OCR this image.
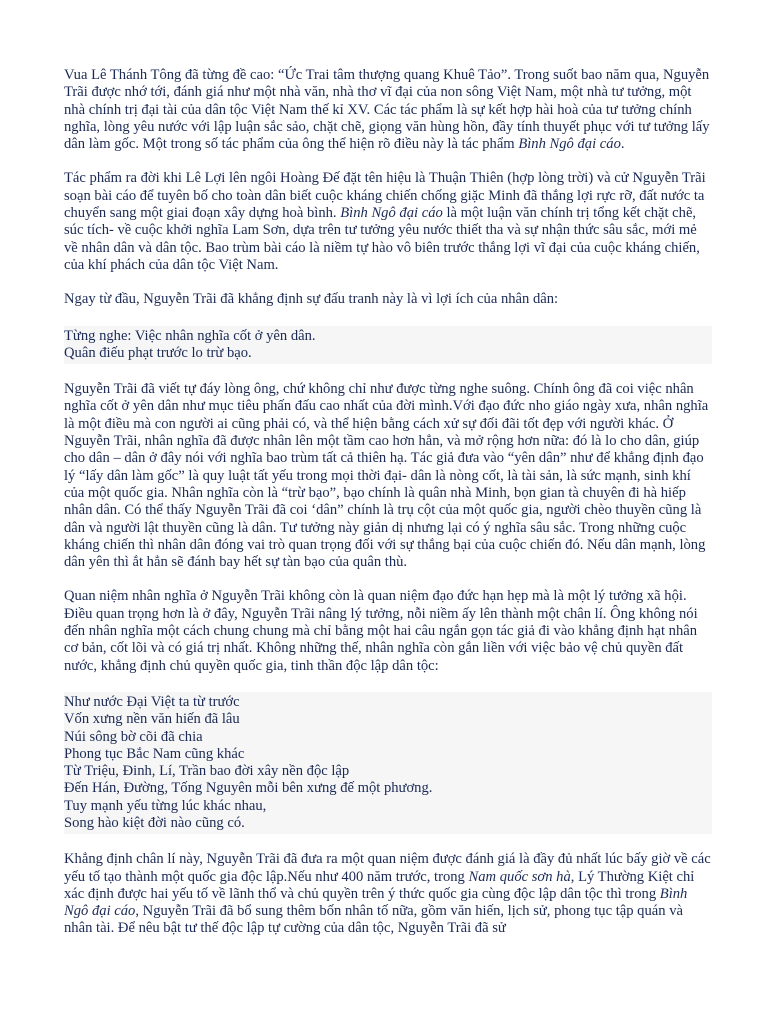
Vua Lê Thánh Tông đã từng đề cao: “Ức Trai tâm thượng quang Khuê Tảo”. Trong suốt bao năm qua, Nguyễn Trãi được nhớ tới, đánh giá như một nhà văn, nhà thơ vĩ đại của non sông Việt Nam, một nhà tư tưởng, một nhà chính trị đại tài của dân tộc Việt Nam thế kỉ XV. Các tác phẩm là sự kết hợp hài hoà của tư tưởng chính nghĩa, lòng yêu nước với lập luận sắc sảo, chặt chẽ, giọng văn hùng hồn, đầy tính thuyết phục với tư tưởng lấy dân làm gốc. Một trong số tác phẩm của ông thể hiện rõ điều này là tác phẩm Bình Ngô đại cáo.

Tác phẩm ra đời khi Lê Lợi lên ngôi Hoàng Đế đặt tên hiệu là Thuận Thiên (hợp lòng trời) và cử Nguyễn Trãi soạn bài cáo để tuyên bố cho toàn dân biết cuộc kháng chiến chống giặc Minh đã thắng lợi rực rỡ, đất nước ta chuyển sang một giai đoạn xây dựng hoà bình. Bình Ngô đại cáo là một luận văn chính trị tổng kết chặt chẽ, súc tích- về cuộc khởi nghĩa Lam Sơn, dựa trên tư tưởng yêu nước thiết tha và sự nhận thức sâu sắc, mới mẻ về nhân dân và dân tộc. Bao trùm bài cáo là niềm tự hào vô biên trước thắng lợi vĩ đại của cuộc kháng chiến, của khí phách của dân tộc Việt Nam.

Ngay từ đầu, Nguyễn Trãi đã khẳng định sự đấu tranh này là vì lợi ích của nhân dân:

Từng nghe: Việc nhân nghĩa cốt ở yên dân.

Quân điếu phạt trước lo trừ bạo.

Nguyễn Trãi đã viết tự đáy lòng ông, chứ không chỉ như được từng nghe suông. Chính ông đã coi việc nhân nghĩa cốt ở yên dân như mục tiêu phấn đấu cao nhất của đời mình.Với đạo đức nho giáo ngày xưa, nhân nghĩa là một điều mà con người ai cũng phải có, và thể hiện bằng cách xử sự đối đãi tốt đẹp với người khác. Ở Nguyễn Trãi, nhân nghĩa đã được nhân lên một tầm cao hơn hẳn, và mở rộng hơn nữa: đó là lo cho dân, giúp cho dân – dân ở đây nói với nghĩa bao trùm tất cả thiên hạ. Tác giả đưa vào “yên dân” như để khẳng định đạo lý “lấy dân làm gốc” là quy luật tất yếu trong mọi thời đại- dân là nòng cốt, là tài sản, là sức mạnh, sinh khí của một quốc gia. Nhân nghĩa còn là “trừ bạo”, bạo chính là quân nhà Minh, bọn gian tà chuyên đi hà hiếp nhân dân. Có thể thấy Nguyễn Trãi đã coi ‘dân” chính là trụ cột của một quốc gia, người chèo thuyền cũng là dân và người lật thuyền cũng là dân. Tư tưởng này giản dị nhưng lại có ý nghĩa sâu sắc. Trong những cuộc kháng chiến thì nhân dân đóng vai trò quan trọng đối với sự thắng bại của cuộc chiến đó. Nếu dân mạnh, lòng dân yên thì ắt hẳn sẽ đánh bay hết sự tàn bạo của quân thù.

Quan niệm nhân nghĩa ở Nguyễn Trãi không còn là quan niệm đạo đức hạn hẹp mà là một lý tưởng xã hội. Điều quan trọng hơn là ở đây, Nguyễn Trãi nâng lý tưởng, nỗi niềm ấy lên thành một chân lí. Ông không nói đến nhân nghĩa một cách chung chung mà chỉ bằng một hai câu ngắn gọn tác giả đi vào khẳng định hạt nhân cơ bản, cốt lõi và có giá trị nhất. Không những thế, nhân nghĩa còn gắn liền với việc bảo vệ chủ quyền đất nước, khẳng định chủ quyền quốc gia, tinh thần độc lập dân tộc:

Như nước Đại Việt ta từ trước

Vốn xưng nền văn hiến đã lâu

Núi sông bờ cõi đã chia

Phong tục Bắc Nam cũng khác

Từ Triệu, Đinh, Lí, Trần bao đời xây nền độc lập

Đến Hán, Đường, Tống Nguyên mỗi bên xưng đế một phương.

Tuy mạnh yếu từng lúc khác nhau,

Song hào kiệt đời nào cũng có.

Khẳng định chân lí này, Nguyễn Trãi đã đưa ra một quan niệm được đánh giá là đầy đủ nhất lúc bấy giờ về các yếu tố tạo thành một quốc gia độc lập.Nếu như 400 năm trước, trong Nam quốc sơn hà, Lý Thường Kiệt chỉ xác định được hai yếu tố về lãnh thổ và chủ quyền trên ý thức quốc gia cùng độc lập dân tộc thì trong Bình Ngô đại cáo, Nguyễn Trãi đã bổ sung thêm bốn nhân tố nữa, gồm văn hiến, lịch sử, phong tục tập quán và nhân tài. Để nêu bật tư thế độc lập tự cường của dân tộc, Nguyễn Trãi đã sử
